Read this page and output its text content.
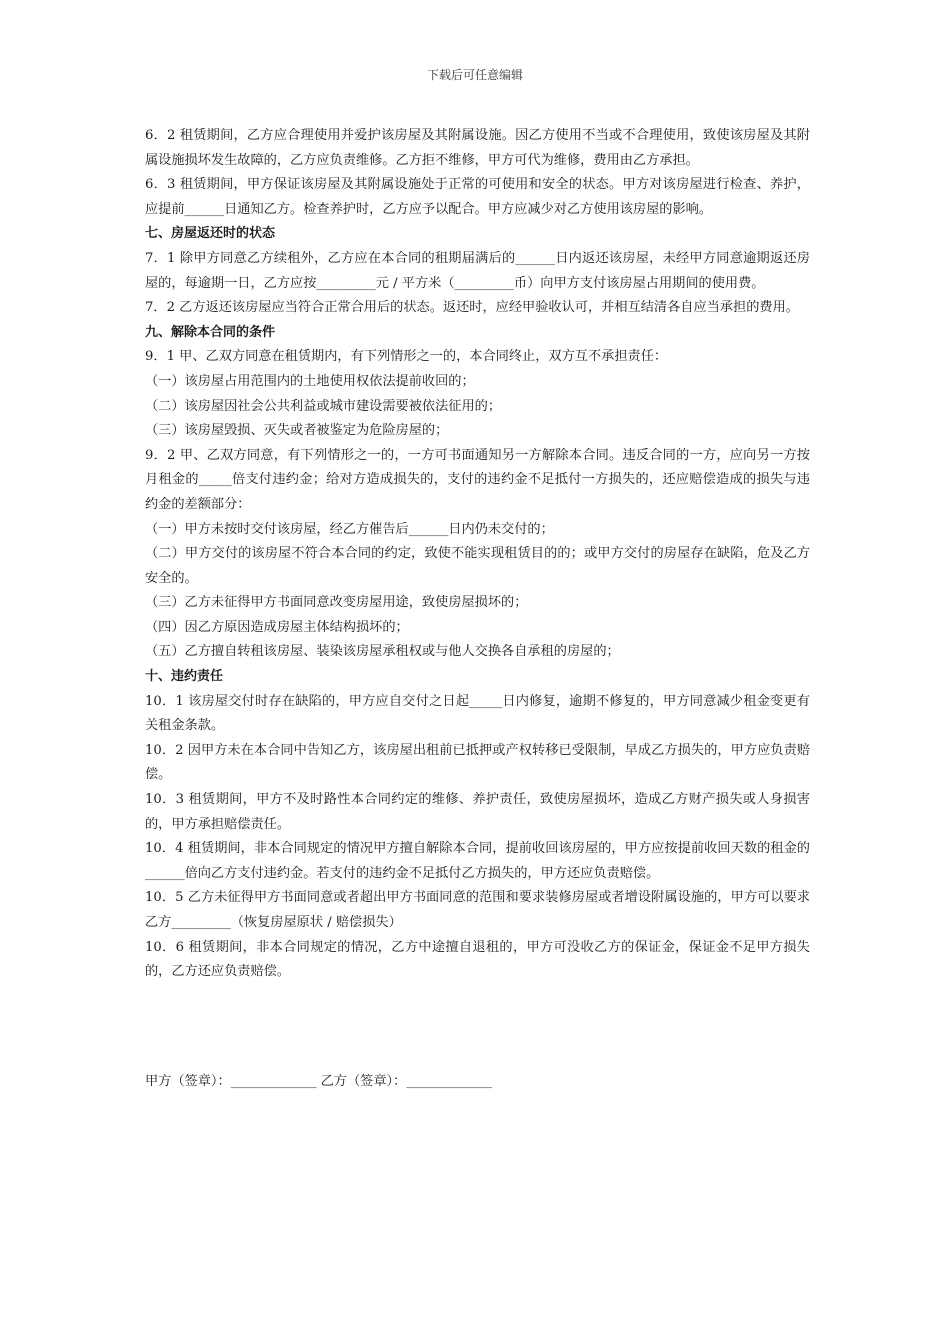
下载后可任意编辑

6．2 租赁期间，乙方应合理使用并爱护该房屋及其附属设施。因乙方使用不当或不合理使用，致使该房屋及其附属设施损坏发生故障的，乙方应负责维修。乙方拒不维修，甲方可代为维修，费用由乙方承担。

6．3 租赁期间，甲方保证该房屋及其附属设施处于正常的可使用和安全的状态。甲方对该房屋进行检查、养护，应提前______日通知乙方。检查养护时，乙方应予以配合。甲方应减少对乙方使用该房屋的影响。

七、房屋返还时的状态

7．1 除甲方同意乙方续租外，乙方应在本合同的租期届满后的______日内返还该房屋，未经甲方同意逾期返还房屋的，每逾期一日，乙方应按_________元 / 平方米（_________币）向甲方支付该房屋占用期间的使用费。

7．2 乙方返还该房屋应当符合正常合用后的状态。返还时，应经甲验收认可，并相互结清各自应当承担的费用。

九、解除本合同的条件

9．1 甲、乙双方同意在租赁期内，有下列情形之一的，本合同终止，双方互不承担责任：

（一）该房屋占用范围内的土地使用权依法提前收回的；

（二）该房屋因社会公共利益或城市建设需要被依法征用的；

（三）该房屋毁损、灭失或者被鉴定为危险房屋的；

9．2 甲、乙双方同意，有下列情形之一的，一方可书面通知另一方解除本合同。违反合同的一方，应向另一方按月租金的_____倍支付违约金；给对方造成损失的，支付的违约金不足抵付一方损失的，还应赔偿造成的损失与违约金的差额部分：

（一）甲方未按时交付该房屋，经乙方催告后______日内仍未交付的；

（二）甲方交付的该房屋不符合本合同的约定，致使不能实现租赁目的的；或甲方交付的房屋存在缺陷，危及乙方安全的。

（三）乙方未征得甲方书面同意改变房屋用途，致使房屋损坏的；

（四）因乙方原因造成房屋主体结构损坏的；

（五）乙方擅自转租该房屋、装染该房屋承租权或与他人交换各自承租的房屋的；

十、违约责任

10．1 该房屋交付时存在缺陷的，甲方应自交付之日起_____日内修复，逾期不修复的，甲方同意减少租金变更有关租金条款。

10．2 因甲方未在本合同中告知乙方，该房屋出租前已抵押或产权转移已受限制，早成乙方损失的，甲方应负责赔偿。

10．3 租赁期间，甲方不及时路性本合同约定的维修、养护责任，致使房屋损坏，造成乙方财产损失或人身损害的，甲方承担赔偿责任。

10．4 租赁期间，非本合同规定的情况甲方擅自解除本合同，提前收回该房屋的，甲方应按提前收回天数的租金的______倍向乙方支付违约金。若支付的违约金不足抵付乙方损失的，甲方还应负责赔偿。

10．5 乙方未征得甲方书面同意或者超出甲方书面同意的范围和要求装修房屋或者增设附属设施的，甲方可以要求乙方_________（恢复房屋原状 / 赔偿损失）

10．6 租赁期间，非本合同规定的情况，乙方中途擅自退租的，甲方可没收乙方的保证金，保证金不足甲方损失的，乙方还应负责赔偿。

甲方（签章）：_____________ 乙方（签章）：_____________
